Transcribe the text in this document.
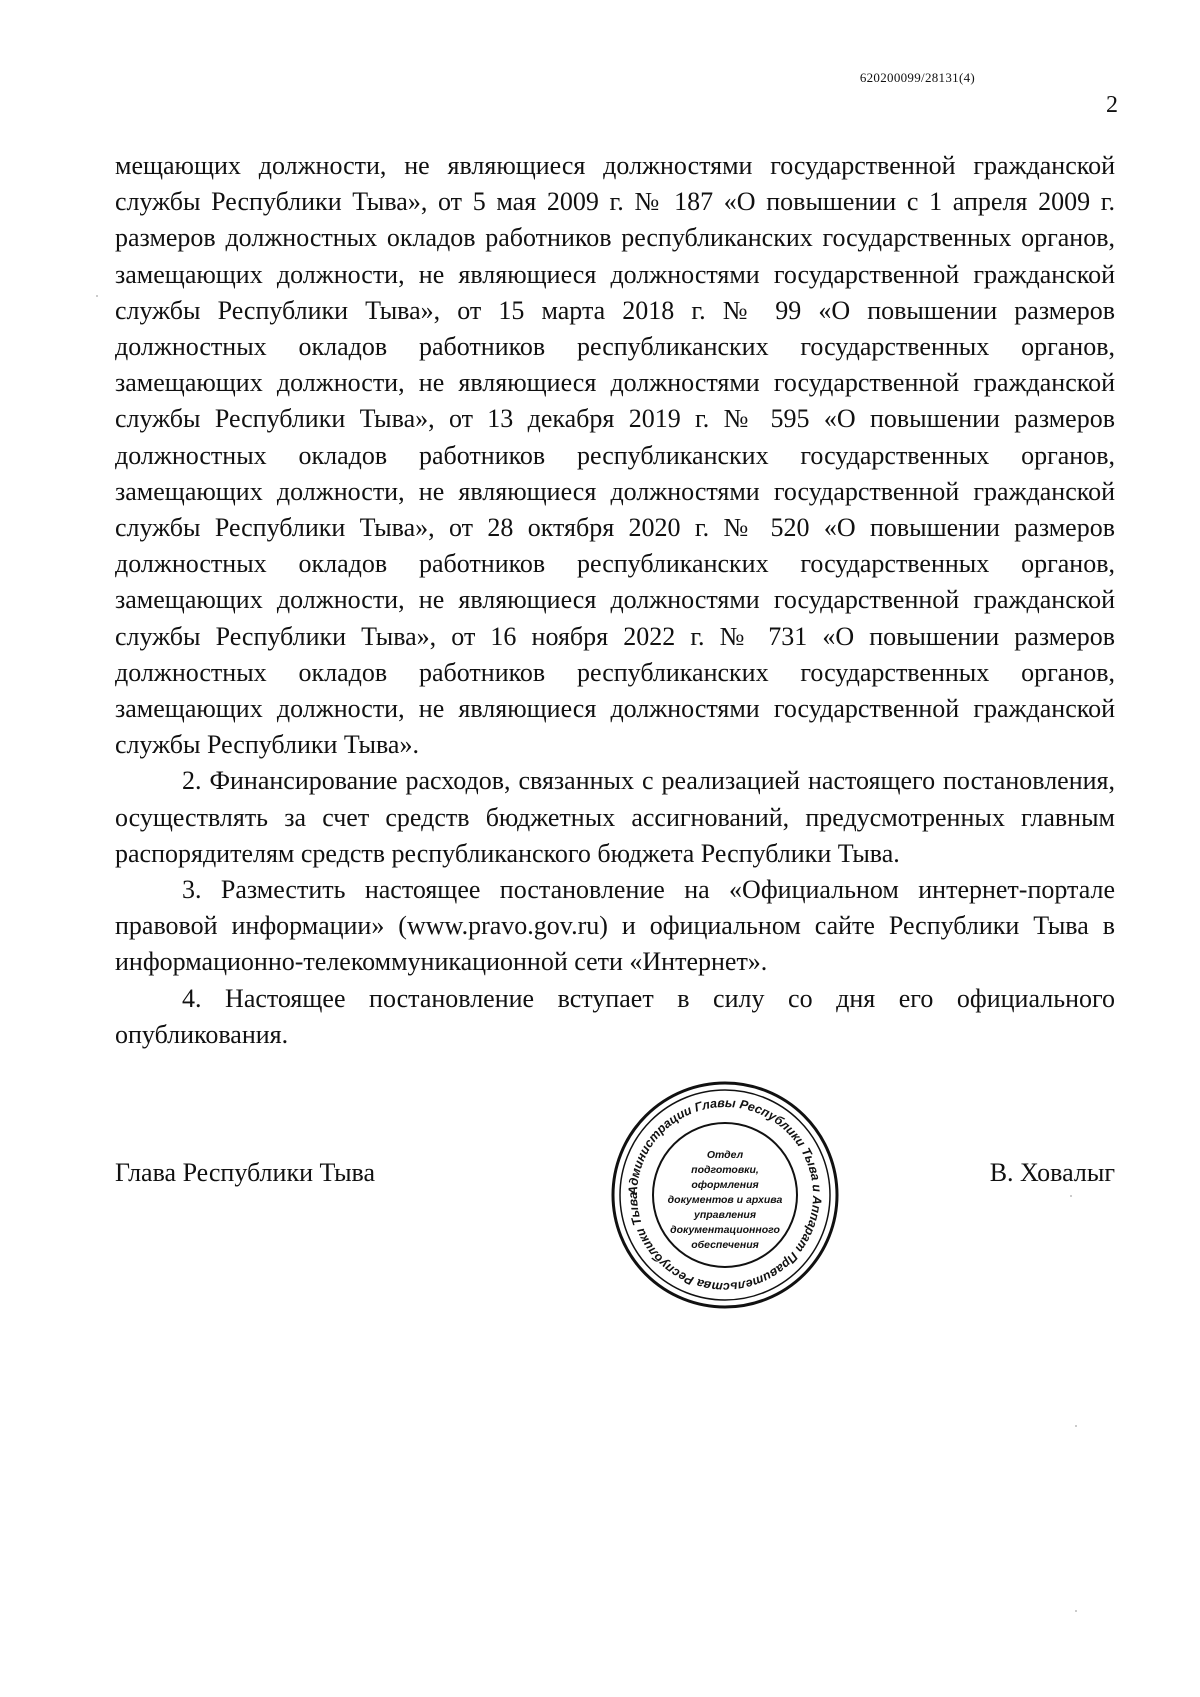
620200099/28131(4)
2

мещающих должности, не являющиеся должностями государственной гражданской службы Республики Тыва», от 5 мая 2009 г. № 187 «О повышении с 1 апреля 2009 г. размеров должностных окладов работников республиканских государственных органов, замещающих должности, не являющиеся должностями государственной гражданской службы Республики Тыва», от 15 марта 2018 г. № 99 «О повышении размеров должностных окладов работников республиканских государственных органов, замещающих должности, не являющиеся должностями государственной гражданской службы Республики Тыва», от 13 декабря 2019 г. № 595 «О повышении размеров должностных окладов работников республиканских государственных органов, замещающих должности, не являющиеся должностями государственной гражданской службы Республики Тыва», от 28 октября 2020 г. № 520 «О повышении размеров должностных окладов работников республиканских государственных органов, замещающих должности, не являющиеся должностями государственной гражданской службы Республики Тыва», от 16 ноября 2022 г. № 731 «О повышении размеров должностных окладов работников республиканских государственных органов, замещающих должности, не являющиеся должностями государственной гражданской службы Республики Тыва».

2. Финансирование расходов, связанных с реализацией настоящего постановления, осуществлять за счет средств бюджетных ассигнований, предусмотренных главным распорядителям средств республиканского бюджета Республики Тыва.

3. Разместить настоящее постановление на «Официальном интернет-портале правовой информации» (www.pravo.gov.ru) и официальном сайте Республики Тыва в информационно-телекоммуникационной сети «Интернет».

4. Настоящее постановление вступает в силу со дня его официального опубликования.

Глава Республики Тыва	В. Ховалыг
Администрации Главы Республики Тыва и Аппарат Правительства Республики Тыва
Отдел
подготовки,
оформления
документов и архива
управления
документационного
обеспечения
